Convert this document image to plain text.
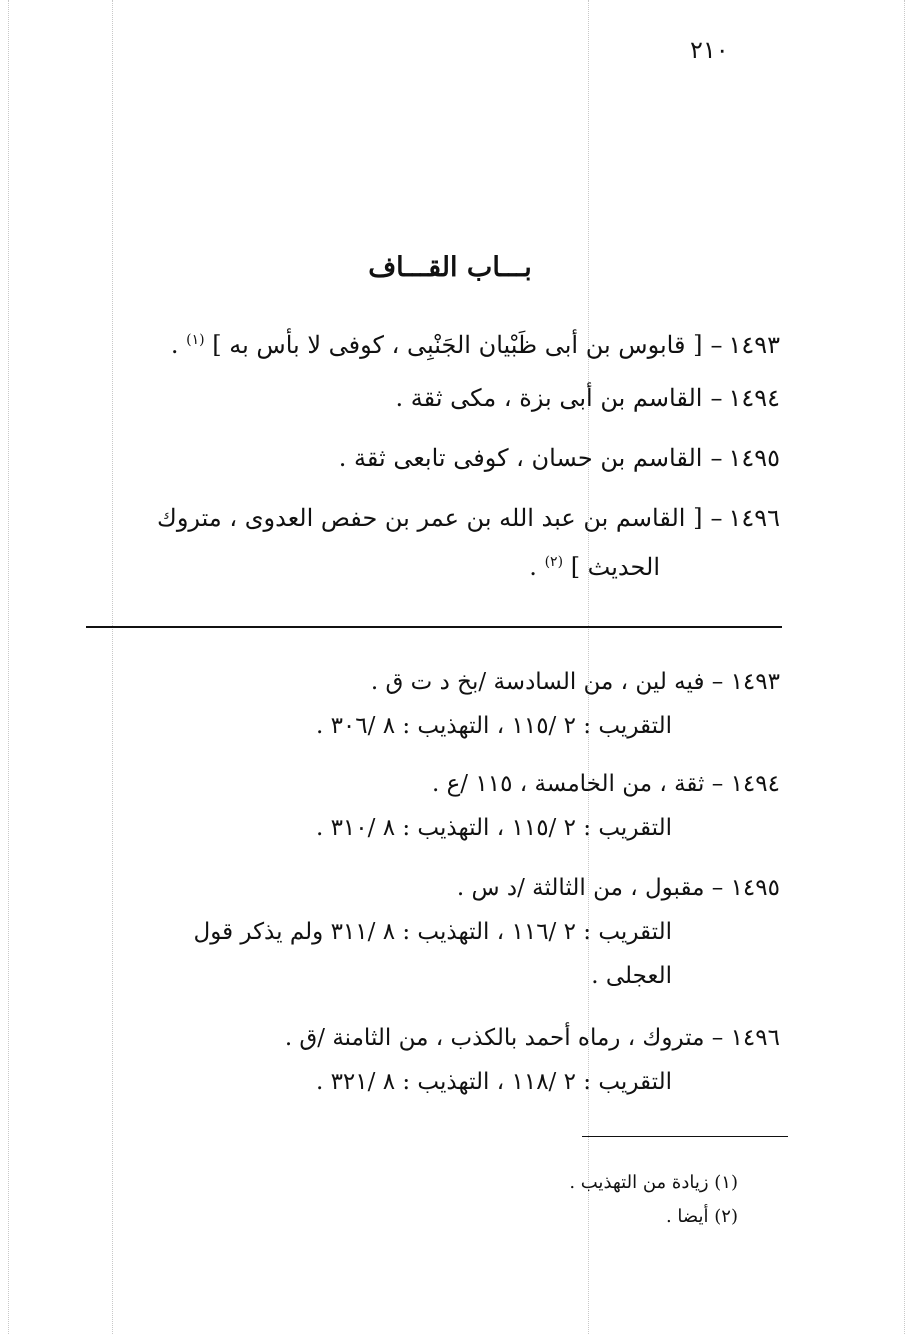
٢١٠
بـــاب القـــاف
١٤٩٣–[ قابوس بن أبى ظَبْيان الجَنْبِى ، كوفى لا بأس به ] $^{(١)}$ .
١٤٩٤–القاسم بن أبى بزة ، مكى ثقة .
١٤٩٥–القاسم بن حسان ، كوفى تابعى ثقة .
١٤٩٦–[ القاسم بن عبد الله بن عمر بن حفص العدوى ، متروك
الحديث ] $^{(٢)}$ .
١٤٩٣ – فيه لين ، من السادسة /بخ د ت ق .
التقريب : ٢ /١١٥ ، التهذيب : ٨ /٣٠٦ .
١٤٩٤ – ثقة ، من الخامسة ، ١١٥ /ع .
التقريب : ٢ /١١٥ ، التهذيب : ٨ /٣١٠ .
١٤٩٥ – مقبول ، من الثالثة /د س .
التقريب : ٢ /١١٦ ، التهذيب : ٨ /٣١١ ولم يذكر قول
العجلى .
١٤٩٦ – متروك ، رماه أحمد بالكذب ، من الثامنة /ق .
التقريب : ٢ /١١٨ ، التهذيب : ٨ /٣٢١ .
(١) زيادة من التهذيب .
(٢) أيضا .
